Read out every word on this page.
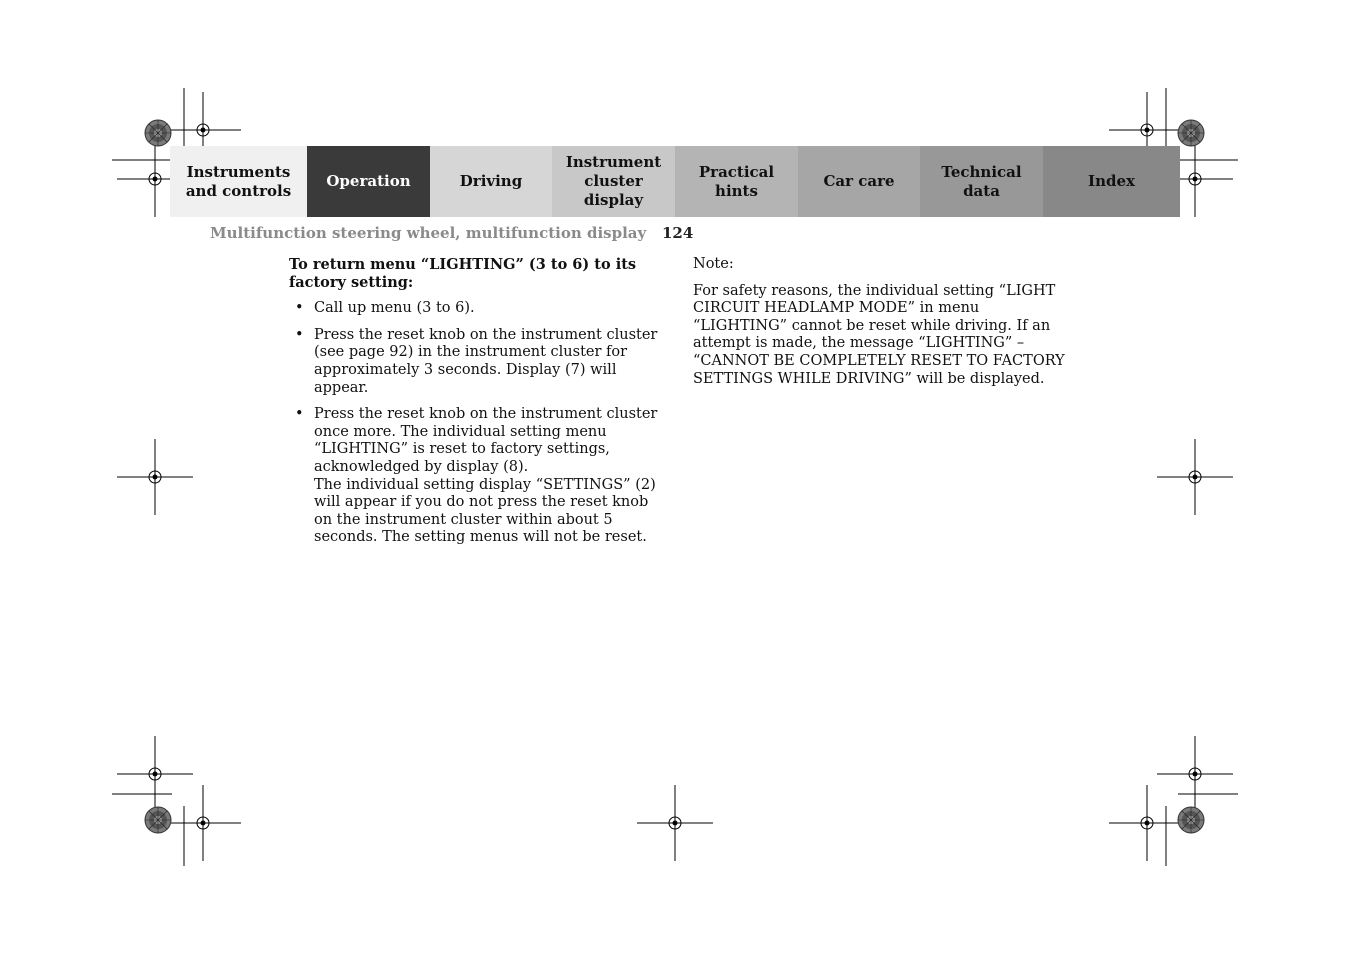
Instruments
and controls
Operation	Driving
Instrument
cluster display
Practical hints
Car care
Technical
data
Index
Multifunction steering wheel, multifunction display 124

To return menu “LIGHTING” (3 to 6) to its factory setting:

• Call up menu (3 to 6).
• Press the reset knob on the instrument cluster (see page 92) in the instrument cluster for approximately 3 seconds. Display (7) will appear.
• Press the reset knob on the instrument cluster once more. The individual setting menu “LIGHTING” is reset to factory settings, acknowledged by display (8).
The individual setting display “SETTINGS” (2) will appear if you do not press the reset knob on the instrument cluster within about 5 seconds. The setting menus will not be reset.

Note:

For safety reasons, the individual setting “LIGHT CIRCUIT HEADLAMP MODE” in menu “LIGHTING” cannot be reset while driving. If an attempt is made, the message “LIGHTING” – “CANNOT BE COMPLETELY RESET TO FACTORY SETTINGS WHILE DRIVING” will be displayed.
